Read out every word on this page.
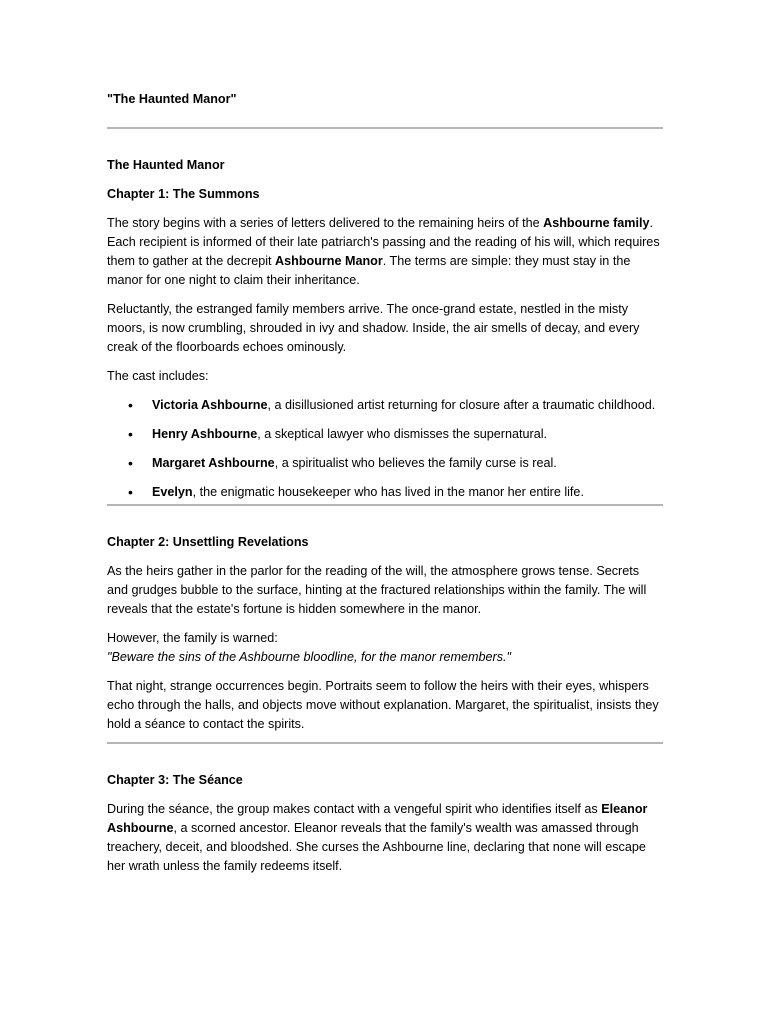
"The Haunted Manor"

The Haunted Manor

Chapter 1: The Summons

The story begins with a series of letters delivered to the remaining heirs of the Ashbourne family. Each recipient is informed of their late patriarch's passing and the reading of his will, which requires them to gather at the decrepit Ashbourne Manor. The terms are simple: they must stay in the manor for one night to claim their inheritance.

Reluctantly, the estranged family members arrive. The once-grand estate, nestled in the misty moors, is now crumbling, shrouded in ivy and shadow. Inside, the air smells of decay, and every creak of the floorboards echoes ominously.

The cast includes:

• Victoria Ashbourne, a disillusioned artist returning for closure after a traumatic childhood.
• Henry Ashbourne, a skeptical lawyer who dismisses the supernatural.
• Margaret Ashbourne, a spiritualist who believes the family curse is real.
• Evelyn, the enigmatic housekeeper who has lived in the manor her entire life.

Chapter 2: Unsettling Revelations

As the heirs gather in the parlor for the reading of the will, the atmosphere grows tense. Secrets and grudges bubble to the surface, hinting at the fractured relationships within the family. The will reveals that the estate's fortune is hidden somewhere in the manor.

However, the family is warned:
"Beware the sins of the Ashbourne bloodline, for the manor remembers."

That night, strange occurrences begin. Portraits seem to follow the heirs with their eyes, whispers echo through the halls, and objects move without explanation. Margaret, the spiritualist, insists they hold a séance to contact the spirits.

Chapter 3: The Séance

During the séance, the group makes contact with a vengeful spirit who identifies itself as Eleanor Ashbourne, a scorned ancestor. Eleanor reveals that the family's wealth was amassed through treachery, deceit, and bloodshed. She curses the Ashbourne line, declaring that none will escape her wrath unless the family redeems itself.
